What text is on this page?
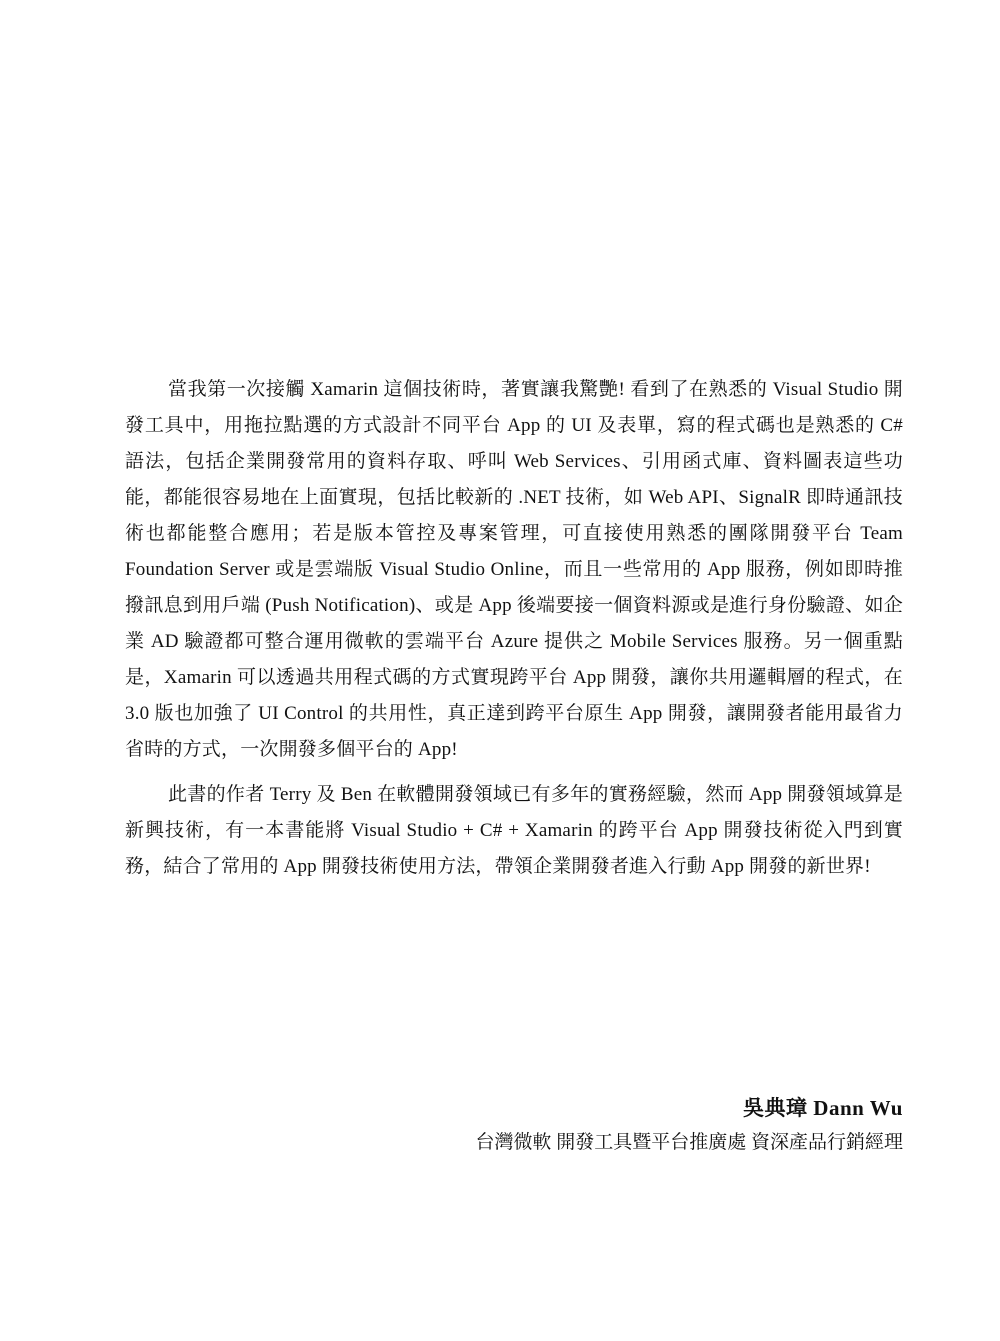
當我第一次接觸 Xamarin 這個技術時，著實讓我驚艷! 看到了在熟悉的 Visual Studio 開發工具中，用拖拉點選的方式設計不同平台 App 的 UI 及表單，寫的程式碼也是熟悉的 C# 語法，包括企業開發常用的資料存取、呼叫 Web Services、引用函式庫、資料圖表這些功能，都能很容易地在上面實現，包括比較新的 .NET 技術，如 Web API、SignalR 即時通訊技術也都能整合應用；若是版本管控及專案管理，可直接使用熟悉的團隊開發平台 Team Foundation Server 或是雲端版 Visual Studio Online，而且一些常用的 App 服務，例如即時推撥訊息到用戶端 (Push Notification)、或是 App 後端要接一個資料源或是進行身份驗證、如企業 AD 驗證都可整合運用微軟的雲端平台 Azure 提供之 Mobile Services 服務。另一個重點是，Xamarin 可以透過共用程式碼的方式實現跨平台 App 開發，讓你共用邏輯層的程式，在 3.0 版也加強了 UI Control 的共用性，真正達到跨平台原生 App 開發，讓開發者能用最省力省時的方式，一次開發多個平台的 App!

此書的作者 Terry 及 Ben 在軟體開發領域已有多年的實務經驗，然而 App 開發領域算是新興技術，有一本書能將 Visual Studio + C# + Xamarin 的跨平台 App 開發技術從入門到實務，結合了常用的 App 開發技術使用方法，帶領企業開發者進入行動 App 開發的新世界!

吳典璋 Dann Wu
台灣微軟 開發工具暨平台推廣處 資深產品行銷經理
